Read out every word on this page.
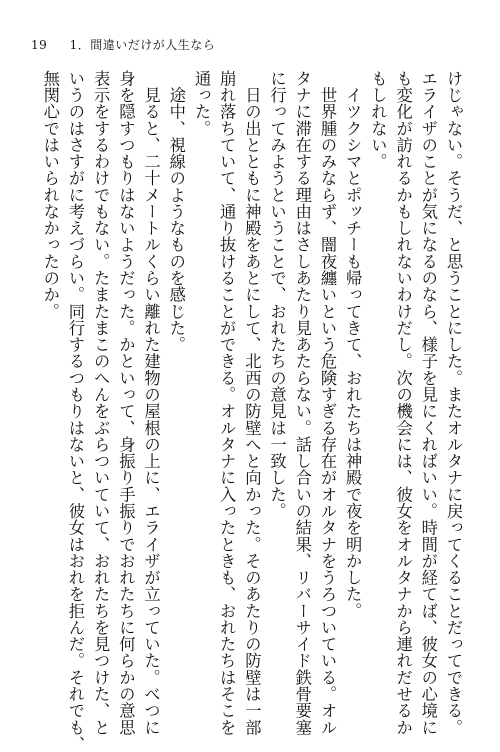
19 1．間違いだけが人生なら

けじゃない。そうだ、と思うことにした。またオルタナに戻ってくることだってできる。

エライザのことが気になるのなら、様子を見にくればいい。時間が経てば、彼女の心境に

も変化が訪れるかもしれないわけだし。次の機会には、彼女をオルタナから連れだせるか

もしれない。

　イツクシマとポッチーも帰ってきて、おれたちは神殿で夜を明かした。

　世界腫のみならず、闇夜纏いという危険すぎる存在がオルタナをうろついている。オル

タナに滞在する理由はさしあたり見あたらない。話し合いの結果、リバーサイド鉄骨要塞

に行ってみようということで、おれたちの意見は一致した。

　日の出とともに神殿をあとにして、北西の防壁へと向かった。そのあたりの防壁は一部

崩れ落ちていて、通り抜けることができる。オルタナに入ったときも、おれたちはそこを

通った。

　途中、視線のようなものを感じた。

　見ると、二十メートルくらい離れた建物の屋根の上に、エライザが立っていた。べつに

身を隠すつもりはないようだった。かといって、身振り手振りでおれたちに何らかの意思

表示をするわけでもない。たまたまこのへんをぶらついていて、おれたちを見つけた、と

いうのはさすがに考えづらい。同行するつもりはないと、彼女はおれを拒んだ。それでも、

無関心ではいられなかったのか。
